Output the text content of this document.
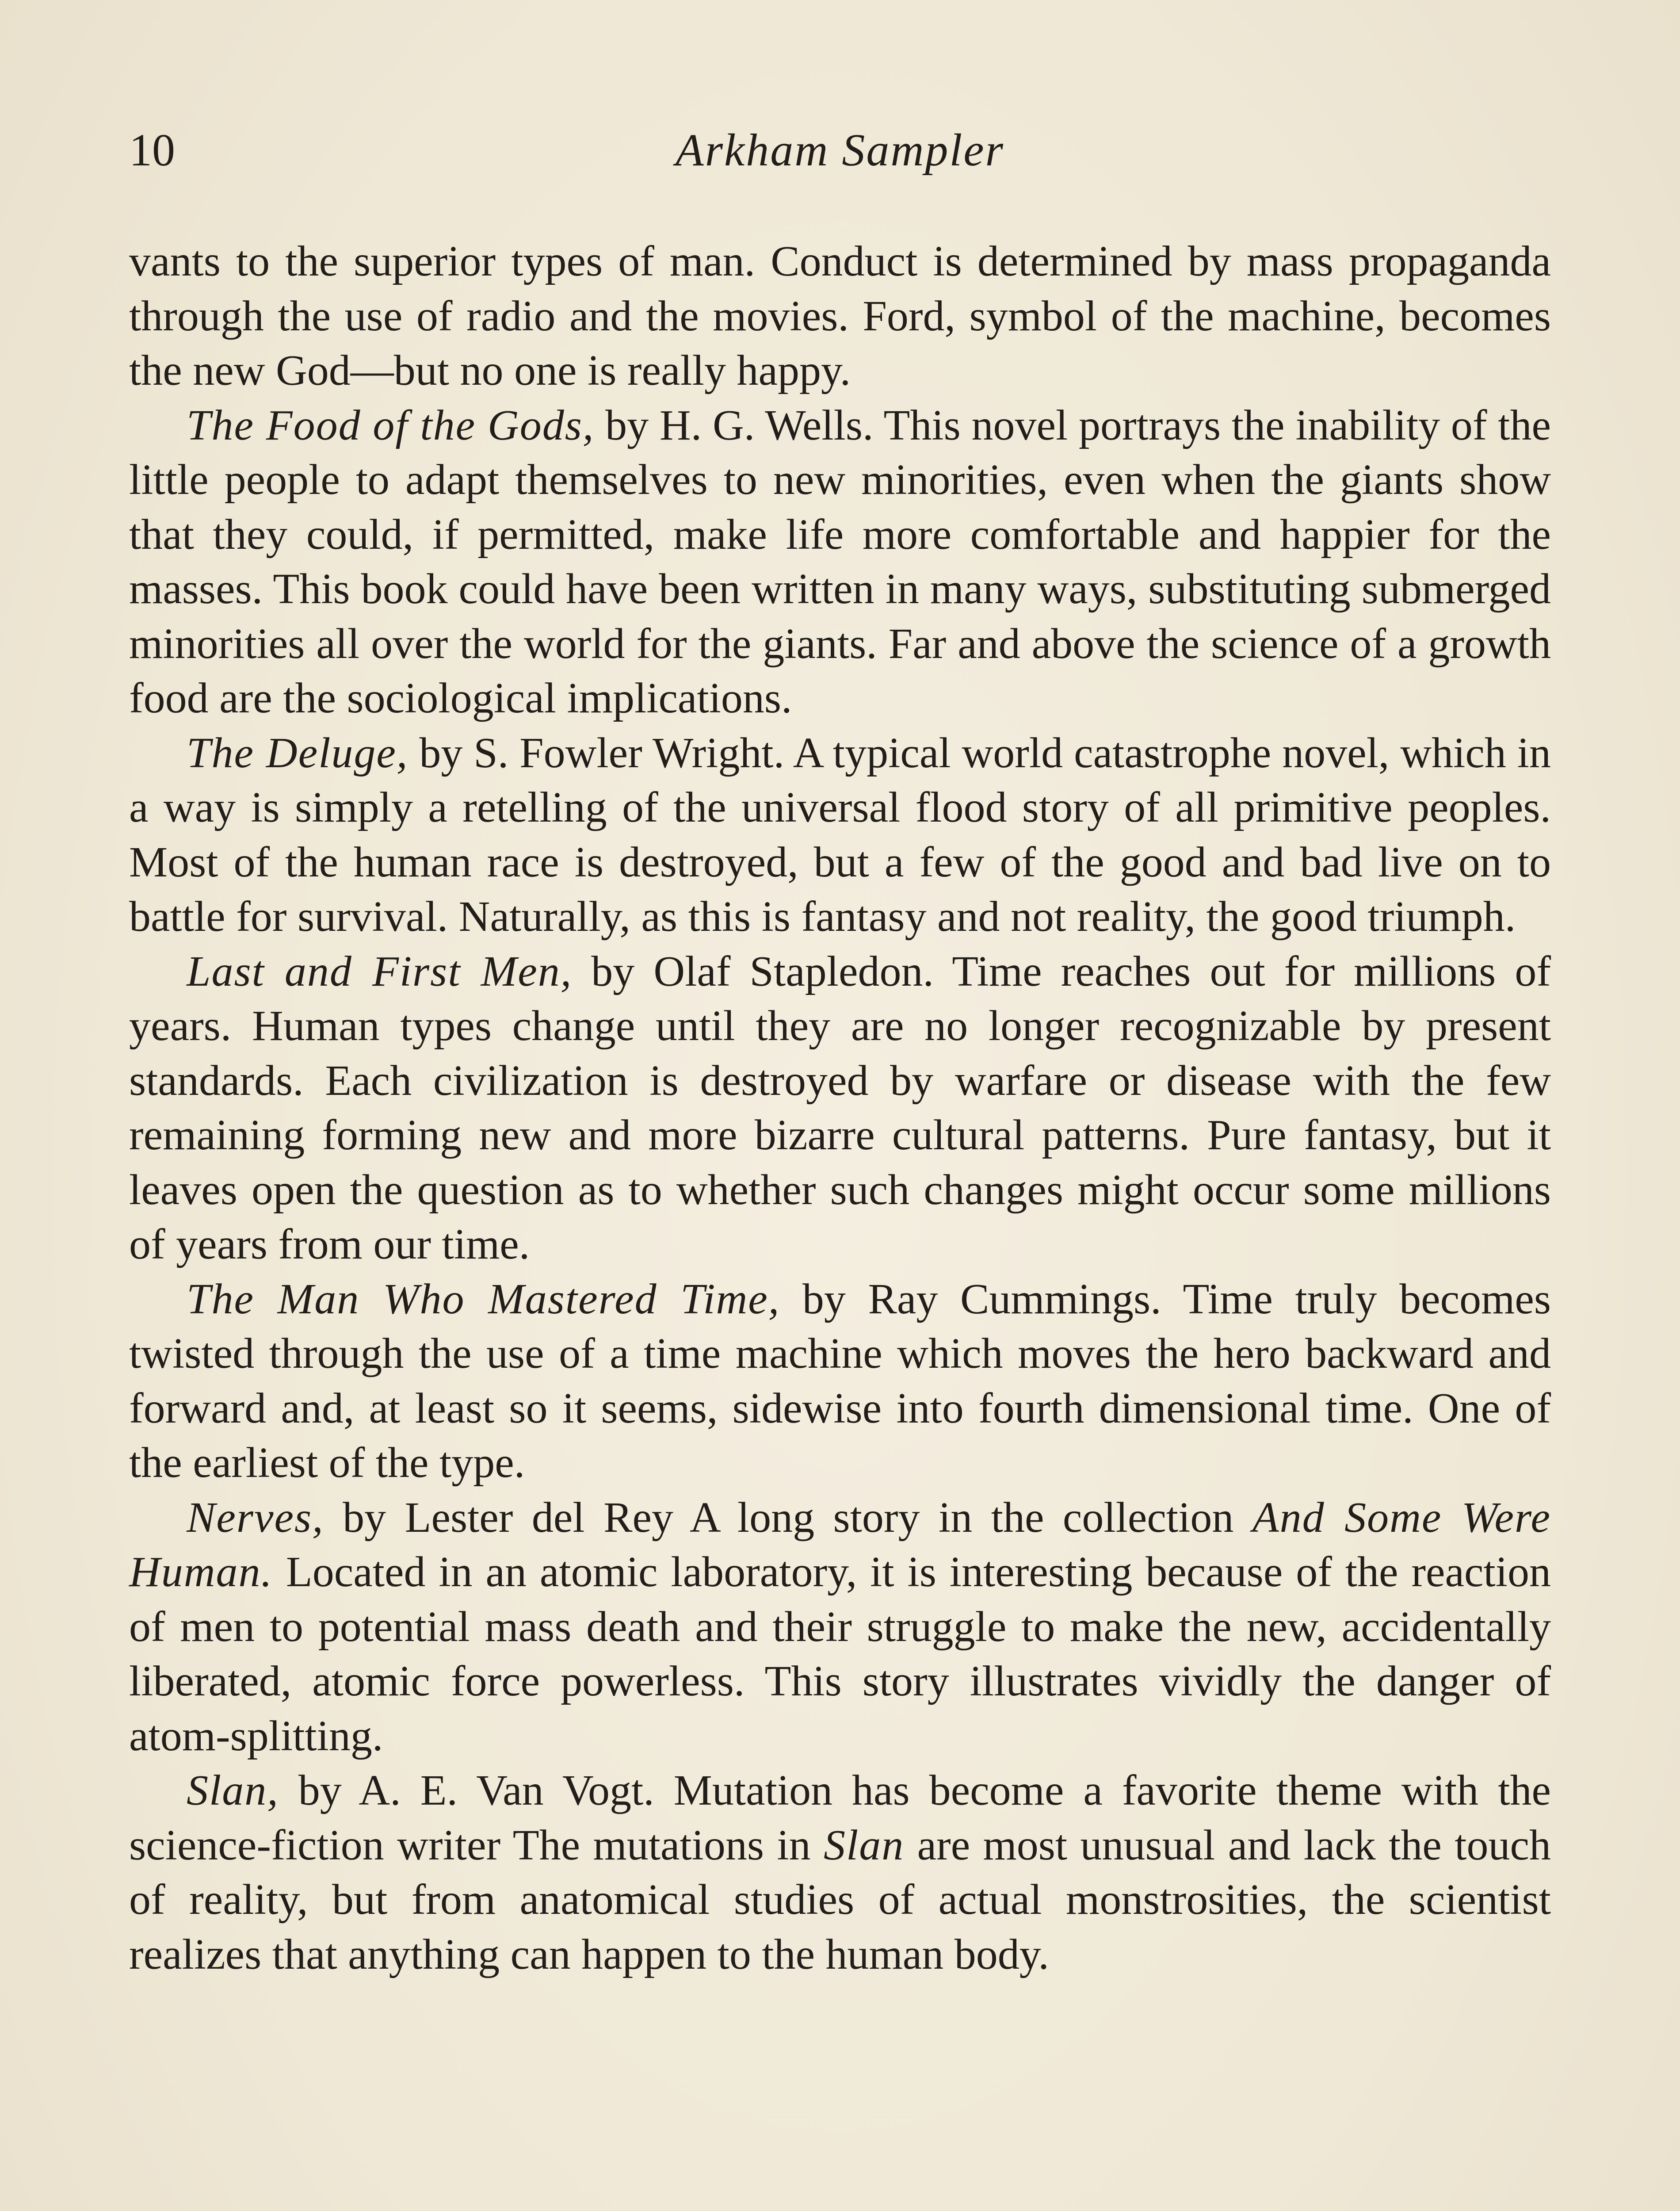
10	Arkham Sampler

vants to the superior types of man. Conduct is determined by mass propaganda through the use of radio and the movies. Ford, symbol of the machine, becomes the new God—but no one is really happy.

The Food of the Gods, by H. G. Wells. This novel portrays the inability of the little people to adapt themselves to new minorities, even when the giants show that they could, if permitted, make life more comfortable and happier for the masses. This book could have been written in many ways, substituting submerged minorities all over the world for the giants. Far and above the science of a growth food are the sociological implications.

The Deluge, by S. Fowler Wright. A typical world catastrophe novel, which in a way is simply a retelling of the universal flood story of all primitive peoples. Most of the human race is destroyed, but a few of the good and bad live on to battle for survival. Naturally, as this is fantasy and not reality, the good triumph.

Last and First Men, by Olaf Stapledon. Time reaches out for millions of years. Human types change until they are no longer recognizable by present standards. Each civilization is destroyed by warfare or disease with the few remaining forming new and more bizarre cultural patterns. Pure fantasy, but it leaves open the question as to whether such changes might occur some millions of years from our time.

The Man Who Mastered Time, by Ray Cummings. Time truly becomes twisted through the use of a time machine which moves the hero backward and forward and, at least so it seems, sidewise into fourth dimensional time. One of the earliest of the type.

Nerves, by Lester del Rey A long story in the collection And Some Were Human. Located in an atomic laboratory, it is interesting because of the reaction of men to potential mass death and their struggle to make the new, accidentally liberated, atomic force powerless. This story illustrates vividly the danger of atom-splitting.

Slan, by A. E. Van Vogt. Mutation has become a favorite theme with the science-fiction writer The mutations in Slan are most unusual and lack the touch of reality, but from anatomical studies of actual monstrosities, the scientist realizes that anything can happen to the human body.
